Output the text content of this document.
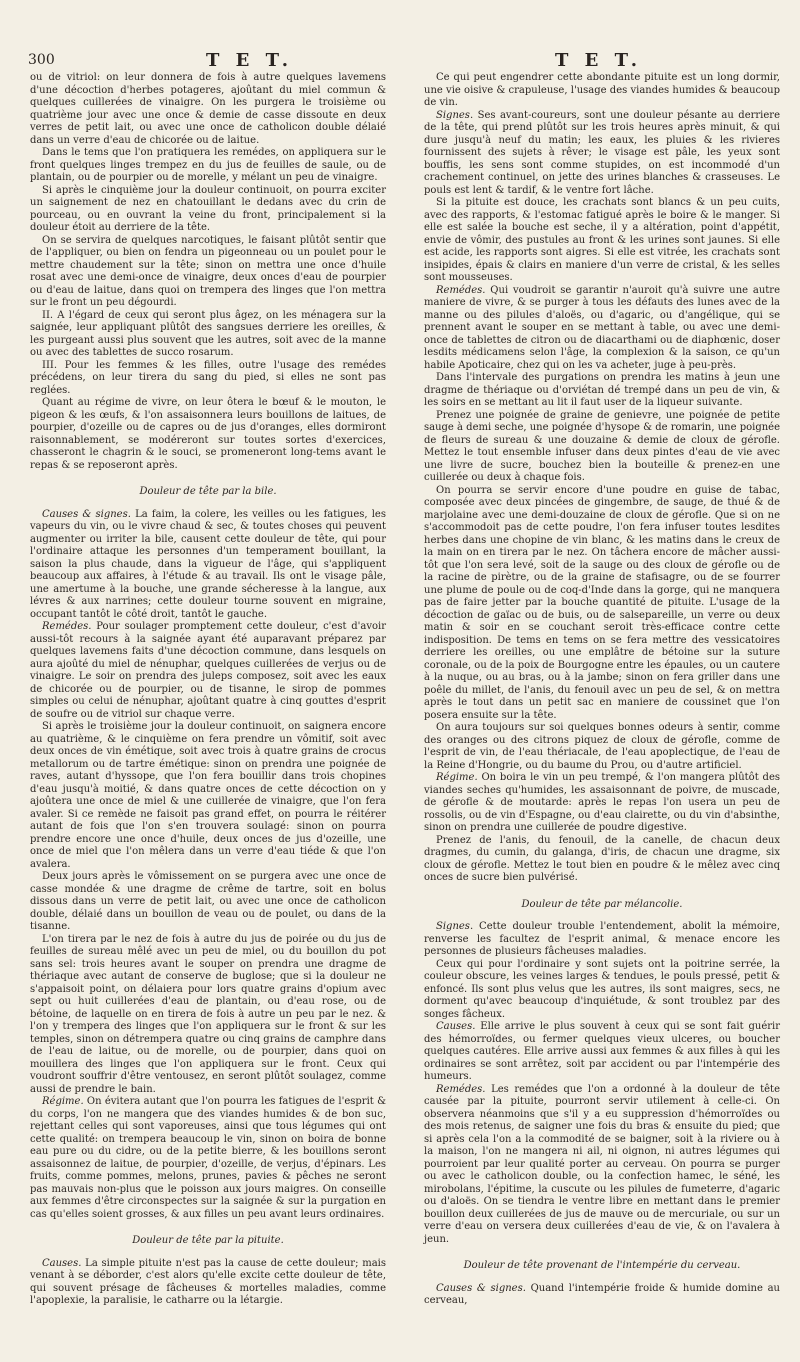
300	T E T.	T E T.

ou de vitriol: on leur donnera de fois à autre quelques lavemens d'une décoction d'herbes potageres, ajoûtant du miel commun & quelques cuillerées de vinaigre. On les purgera le troisième ou quatrième jour avec une once & demie de casse dissoute en deux verres de petit lait, ou avec une once de catholicon double délaié dans un verre d'eau de chicorée ou de laitue.

Dans le tems que l'on pratiquera les remédes, on appliquera sur le front quelques linges trempez en du jus de feuilles de saule, ou de plantain, ou de pourpier ou de morelle, y mélant un peu de vinaigre.

Si après le cinquième jour la douleur continuoit, on pourra exciter un saignement de nez en chatouillant le dedans avec du crin de pourceau, ou en ouvrant la veine du front, principalement si la douleur étoit au derriere de la tête.

On se servira de quelques narcotiques, le faisant plûtôt sentir que de l'appliquer, ou bien on fendra un pigeonneau ou un poulet pour le mettre chaudement sur la tête; sinon on mettra une once d'huile rosat avec une demi-once de vinaigre, deux onces d'eau de pourpier ou d'eau de laitue, dans quoi on trempera des linges que l'on mettra sur le front un peu dégourdi.

II. A l'égard de ceux qui seront plus âgez, on les ménagera sur la saignée, leur appliquant plûtôt des sangsues derriere les oreilles, & les purgeant aussi plus souvent que les autres, soit avec de la manne ou avec des tablettes de succo rosarum.

III. Pour les femmes & les filles, outre l'usage des remédes précédens, on leur tirera du sang du pied, si elles ne sont pas reglées.

Quant au régime de vivre, on leur ôtera le bœuf & le mouton, le pigeon & les œufs, & l'on assaisonnera leurs bouillons de laitues, de pourpier, d'ozeille ou de capres ou de jus d'oranges, elles dormiront raisonnablement, se modéreront sur toutes sortes d'exercices, chasseront le chagrin & le souci, se promeneront long-tems avant le repas & se reposeront après.

Douleur de tête par la bile.

Causes & signes. La faim, la colere, les veilles ou les fatigues, les vapeurs du vin, ou le vivre chaud & sec, & toutes choses qui peuvent augmenter ou irriter la bile, causent cette douleur de tête, qui pour l'ordinaire attaque les personnes d'un temperament bouillant, la saison la plus chaude, dans la vigueur de l'âge, qui s'appliquent beaucoup aux affaires, à l'étude & au travail. Ils ont le visage pâle, une amertume à la bouche, une grande sécheresse à la langue, aux lévres & aux narrines; cette douleur tourne souvent en migraine, occupant tantôt le côté droit, tantôt le gauche.

Remédes. Pour soulager promptement cette douleur, c'est d'avoir aussi-tôt recours à la saignée ayant été auparavant préparez par quelques lavemens faits d'une décoction commune, dans lesquels on aura ajoûté du miel de nénuphar, quelques cuillerées de verjus ou de vinaigre. Le soir on prendra des juleps composez, soit avec les eaux de chicorée ou de pourpier, ou de tisanne, le sirop de pommes simples ou celui de nénuphar, ajoûtant quatre à cinq gouttes d'esprit de soufre ou de vitriol sur chaque verre.

Si après le troisième jour la douleur continuoit, on saignera encore au quatrième, & le cinquième on fera prendre un vômitif, soit avec deux onces de vin émétique, soit avec trois à quatre grains de crocus metallorum ou de tartre émétique: sinon on prendra une poignée de raves, autant d'hyssope, que l'on fera bouillir dans trois chopines d'eau jusqu'à moitié, & dans quatre onces de cette décoction on y ajoûtera une once de miel & une cuillerée de vinaigre, que l'on fera avaler. Si ce remède ne faisoit pas grand effet, on pourra le réitérer autant de fois que l'on s'en trouvera soulagé: sinon on pourra prendre encore une once d'huile, deux onces de jus d'ozeille, une once de miel que l'on mêlera dans un verre d'eau tiéde & que l'on avalera.

Deux jours après le vômissement on se purgera avec une once de casse mondée & une dragme de crême de tartre, soit en bolus dissous dans un verre de petit lait, ou avec une once de catholicon double, délaié dans un bouillon de veau ou de poulet, ou dans de la tisanne.

L'on tirera par le nez de fois à autre du jus de poirée ou du jus de feuilles de sureau mêlé avec un peu de miel, ou du bouillon du pot sans sel: trois heures avant le souper on prendra une dragme de thériaque avec autant de conserve de buglose; que si la douleur ne s'appaisoit point, on délaiera pour lors quatre grains d'opium avec sept ou huit cuillerées d'eau de plantain, ou d'eau rose, ou de bétoine, de laquelle on en tirera de fois à autre un peu par le nez. & l'on y trempera des linges que l'on appliquera sur le front & sur les temples, sinon on détrempera quatre ou cinq grains de camphre dans de l'eau de laitue, ou de morelle, ou de pourpier, dans quoi on mouillera des linges que l'on appliquera sur le front. Ceux qui voudront souffrir d'être ventousez, en seront plûtôt soulagez, comme aussi de prendre le bain.

Régime. On évitera autant que l'on pourra les fatigues de l'esprit & du corps, l'on ne mangera que des viandes humides & de bon suc, rejettant celles qui sont vaporeuses, ainsi que tous légumes qui ont cette qualité: on trempera beaucoup le vin, sinon on boira de bonne eau pure ou du cidre, ou de la petite bierre, & les bouillons seront assaisonnez de laitue, de pourpier, d'ozeille, de verjus, d'épinars. Les fruits, comme pommes, melons, prunes, pavies & pêches ne seront pas mauvais non-plus que le poisson aux jours maigres. On conseille aux femmes d'être circonspectes sur la saignée & sur la purgation en cas qu'elles soient grosses, & aux filles un peu avant leurs ordinaires.

Douleur de tête par la pituite.

Causes. La simple pituite n'est pas la cause de cette douleur; mais venant à se déborder, c'est alors qu'elle excite cette douleur de tête, qui souvent présage de fâcheuses & mortelles maladies, comme l'apoplexie, la paralisie, le catharre ou la létargie.

Ce qui peut engendrer cette abondante pituite est un long dormir, une vie oisive & crapuleuse, l'usage des viandes humides & beaucoup de vin.

Signes. Ses avant-coureurs, sont une douleur pésante au derriere de la tête, qui prend plûtôt sur les trois heures après minuit, & qui dure jusqu'à neuf du matin; les eaux, les pluies & les rivieres fournissent des sujets à rêver; le visage est pâle, les yeux sont bouffis, les sens sont comme stupides, on est incommodé d'un crachement continuel, on jette des urines blanches & crasseuses. Le pouls est lent & tardif, & le ventre fort lâche.

Si la pituite est douce, les crachats sont blancs & un peu cuits, avec des rapports, & l'estomac fatigué après le boire & le manger. Si elle est salée la bouche est seche, il y a altération, point d'appétit, envie de vômir, des pustules au front & les urines sont jaunes. Si elle est acide, les rapports sont aigres. Si elle est vitrée, les crachats sont insipides, épais & clairs en maniere d'un verre de cristal, & les selles sont mousseuses.

Remédes. Qui voudroit se garantir n'auroit qu'à suivre une autre maniere de vivre, & se purger à tous les défauts des lunes avec de la manne ou des pilules d'aloës, ou d'agaric, ou d'angélique, qui se prennent avant le souper en se mettant à table, ou avec une demi-once de tablettes de citron ou de diacarthami ou de diaphœnic, doser lesdits médicamens selon l'âge, la complexion & la saison, ce qu'un habile Apoticaire, chez qui on les va acheter, juge à peu-près.

Dans l'intervale des purgations on prendra les matins à jeun une dragme de thériaque ou d'orviétan dé trempé dans un peu de vin, & les soirs en se mettant au lit il faut user de la liqueur suivante.

Prenez une poignée de graine de genievre, une poignée de petite sauge à demi seche, une poignée d'hysope & de romarin, une poignée de fleurs de sureau & une douzaine & demie de cloux de gérofle. Mettez le tout ensemble infuser dans deux pintes d'eau de vie avec une livre de sucre, bouchez bien la bouteille & prenez-en une cuillerée ou deux à chaque fois.

On pourra se servir encore d'une poudre en guise de tabac, composée avec deux pincées de gingembre, de sauge, de thué & de marjolaine avec une demi-douzaine de cloux de gérofle. Que si on ne s'accommodoit pas de cette poudre, l'on fera infuser toutes lesdites herbes dans une chopine de vin blanc, & les matins dans le creux de la main on en tirera par le nez. On tâchera encore de mâcher aussi-tôt que l'on sera levé, soit de la sauge ou des cloux de gérofle ou de la racine de pirètre, ou de la graine de stafisagre, ou de se fourrer une plume de poule ou de coq-d'Inde dans la gorge, qui ne manquera pas de faire jetter par la bouche quantité de pituite. L'usage de la décoction de gaïac ou de buis, ou de salsepareille, un verre ou deux matin & soir en se couchant seroit très-efficace contre cette indisposition. De tems en tems on se fera mettre des vessicatoires derriere les oreilles, ou une emplâtre de bétoine sur la suture coronale, ou de la poix de Bourgogne entre les épaules, ou un cautere à la nuque, ou au bras, ou à la jambe; sinon on fera griller dans une poêle du millet, de l'anis, du fenouil avec un peu de sel, & on mettra après le tout dans un petit sac en maniere de coussinet que l'on posera ensuite sur la tête.

On aura toujours sur soi quelques bonnes odeurs à sentir, comme des oranges ou des citrons piquez de cloux de gérofle, comme de l'esprit de vin, de l'eau thériacale, de l'eau apoplectique, de l'eau de la Reine d'Hongrie, ou du baume du Prou, ou d'autre artificiel.

Régime. On boira le vin un peu trempé, & l'on mangera plûtôt des viandes seches qu'humides, les assaisonnant de poivre, de muscade, de gérofle & de moutarde: après le repas l'on usera un peu de rossolis, ou de vin d'Espagne, ou d'eau clairette, ou du vin d'absinthe, sinon on prendra une cuillerée de poudre digestive.

Prenez de l'anis, du fenouil, de la canelle, de chacun deux dragmes, du cumin, du galanga, d'iris, de chacun une dragme, six cloux de gérofle. Mettez le tout bien en poudre & le mêlez avec cinq onces de sucre bien pulvérisé.

Douleur de tête par mélancolie.

Signes. Cette douleur trouble l'entendement, abolit la mémoire, renverse les facultez de l'esprit animal, & menace encore les personnes de plusieurs fâcheuses maladies.

Ceux qui pour l'ordinaire y sont sujets ont la poitrine serrée, la couleur obscure, les veines larges & tendues, le pouls pressé, petit & enfoncé. Ils sont plus velus que les autres, ils sont maigres, secs, ne dorment qu'avec beaucoup d'inquiétude, & sont troublez par des songes fâcheux.

Causes. Elle arrive le plus souvent à ceux qui se sont fait guérir des hémorroïdes, ou fermer quelques vieux ulceres, ou boucher quelques cautéres. Elle arrive aussi aux femmes & aux filles à qui les ordinaires se sont arrêtez, soit par accident ou par l'intempérie des humeurs.

Remédes. Les remédes que l'on a ordonné à la douleur de tête causée par la pituite, pourront servir utilement à celle-ci. On observera néanmoins que s'il y a eu suppression d'hémorroïdes ou des mois retenus, de saigner une fois du bras & ensuite du pied; que si après cela l'on a la commodité de se baigner, soit à la riviere ou à la maison, l'on ne mangera ni ail, ni oignon, ni autres légumes qui pourroient par leur qualité porter au cerveau. On pourra se purger ou avec le catholicon double, ou la confection hamec, le séné, les mirobolans, l'épitime, la cuscute ou les pilules de fumeterre, d'agaric ou d'aloës. On se tiendra le ventre libre en mettant dans le premier bouillon deux cuillerées de jus de mauve ou de mercuriale, ou sur un verre d'eau on versera deux cuillerées d'eau de vie, & on l'avalera à jeun.

Douleur de tête provenant de l'intempérie du cerveau.

Causes & signes. Quand l'intempérie froide & humide domine au cerveau,
